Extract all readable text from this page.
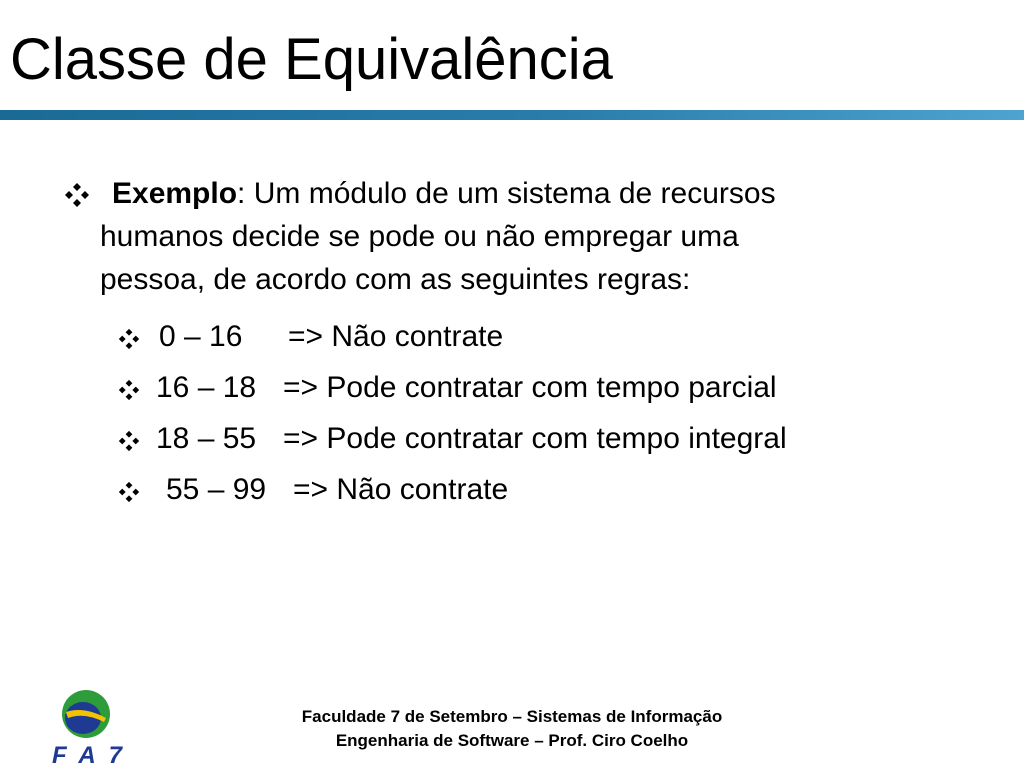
Classe de Equivalência
Exemplo: Um módulo de um sistema de recursos
humanos decide se pode ou não empregar uma
pessoa, de acordo com as seguintes regras:
0 – 16 => Não contrate
16 – 18 => Pode contratar com tempo parcial
18 – 55 => Pode contratar com tempo integral
55 – 99 => Não contrate
FA7
Faculdade 7 de Setembro – Sistemas de Informação
Engenharia de Software – Prof. Ciro Coelho
